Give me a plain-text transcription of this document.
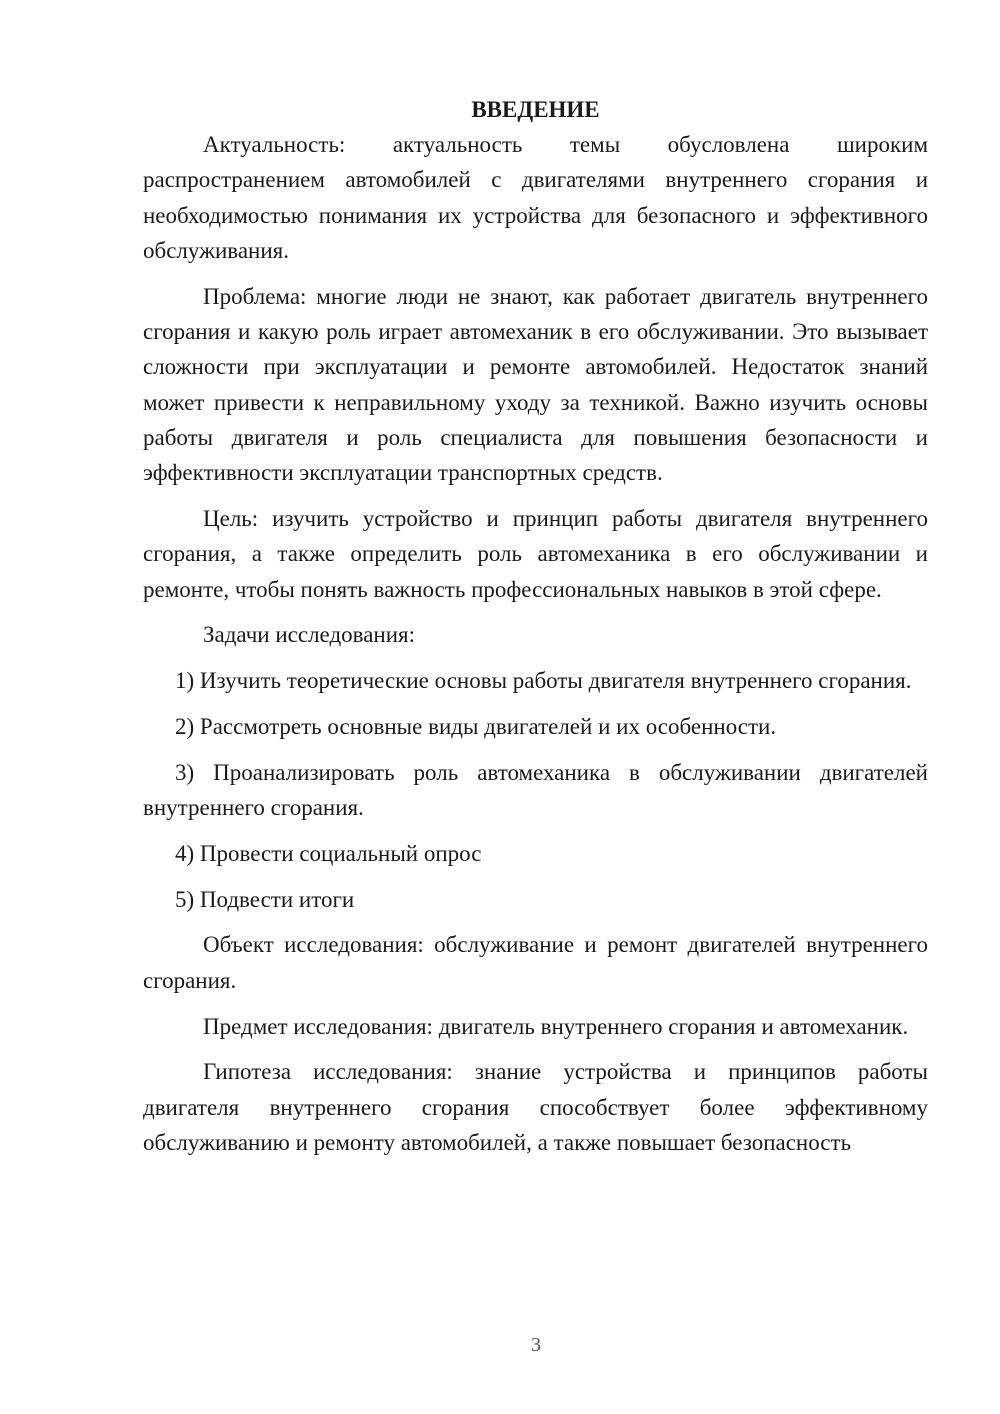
ВВЕДЕНИЕ

Актуальность: актуальность темы обусловлена широким распространением автомобилей с двигателями внутреннего сгорания и необходимостью понимания их устройства для безопасного и эффективного обслуживания.

Проблема: многие люди не знают, как работает двигатель внутреннего сгорания и какую роль играет автомеханик в его обслуживании. Это вызывает сложности при эксплуатации и ремонте автомобилей. Недостаток знаний может привести к неправильному уходу за техникой. Важно изучить основы работы двигателя и роль специалиста для повышения безопасности и эффективности эксплуатации транспортных средств.

Цель: изучить устройство и принцип работы двигателя внутреннего сгорания, а также определить роль автомеханика в его обслуживании и ремонте, чтобы понять важность профессиональных навыков в этой сфере.

Задачи исследования:

1) Изучить теоретические основы работы двигателя внутреннего сгорания.

2) Рассмотреть основные виды двигателей и их особенности.

3) Проанализировать роль автомеханика в обслуживании двигателей внутреннего сгорания.

4) Провести социальный опрос

5) Подвести итоги

Объект исследования: обслуживание и ремонт двигателей внутреннего сгорания.

Предмет исследования: двигатель внутреннего сгорания и автомеханик.

Гипотеза исследования: знание устройства и принципов работы двигателя внутреннего сгорания способствует более эффективному обслуживанию и ремонту автомобилей, а также повышает безопасность

3
